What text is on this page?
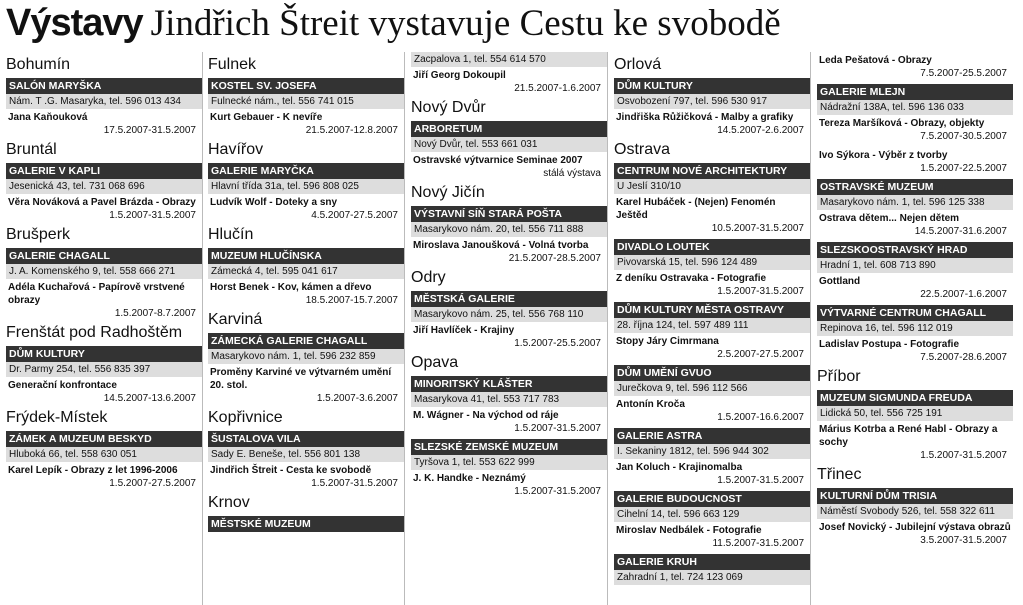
Výstavy Jindřich Štreit vystavuje Cestu ke svobodě
Bohumín
SALÓN MARYŠKA
Nám. T .G. Masaryka, tel. 596 013 434
Jana Kaňouková
17.5.2007-31.5.2007
Bruntál
GALERIE V KAPLI
Jesenická 43, tel. 731 068 696
Věra Nováková a Pavel Brázda - Obrazy
1.5.2007-31.5.2007
Brušperk
GALERIE CHAGALL
J. A. Komenského 9, tel. 558 666 271
Adéla Kuchařová - Papírově vrstvené obrazy
1.5.2007-8.7.2007
Frenštát pod Radhoštěm
DŮM KULTURY
Dr. Parmy 254, tel. 556 835 397
Generační konfrontace
14.5.2007-13.6.2007
Frýdek-Místek
ZÁMEK A MUZEUM BESKYD
Hluboká 66, tel. 558 630 051
Karel Lepík - Obrazy z let 1996-2006
1.5.2007-27.5.2007
Fulnek
KOSTEL SV. JOSEFA
Fulnecké nám., tel. 556 741 015
Kurt Gebauer - K nevíře
21.5.2007-12.8.2007
Havířov
GALERIE MARYČKA
Hlavní třída 31a, tel. 596 808 025
Ludvík Wolf - Doteky a sny
4.5.2007-27.5.2007
Hlučín
MUZEUM HLUČÍNSKA
Zámecká 4, tel. 595 041 617
Horst Benek - Kov, kámen a dřevo
18.5.2007-15.7.2007
Karviná
ZÁMECKÁ GALERIE CHAGALL
Masarykovo nám. 1, tel. 596 232 859
Proměny Karviné ve výtvarném umění 20. stol.
1.5.2007-3.6.2007
Kopřivnice
ŠUSTALOVA VILA
Sady E. Beneše, tel. 556 801 138
Jindřich Štreit - Cesta ke svobodě
1.5.2007-31.5.2007
Krnov
MĚSTSKÉ MUZEUM
Zacpalova 1, tel. 554 614 570
Jiří Georg Dokoupil
21.5.2007-1.6.2007
Nový Dvůr
ARBORETUM
Nový Dvůr, tel. 553 661 031
Ostravské výtvarnice Seminae 2007
stálá výstava
Nový Jičín
VÝSTAVNÍ SÍŇ STARÁ POŠTA
Masarykovo nám. 20, tel. 556 711 888
Miroslava Janoušková - Volná tvorba
21.5.2007-28.5.2007
Odry
MĚSTSKÁ GALERIE
Masarykovo nám. 25, tel. 556 768 110
Jiří Havlíček - Krajiny
1.5.2007-25.5.2007
Opava
MINORITSKÝ KLÁŠTER
Masarykova 41, tel. 553 717 783
M. Wágner - Na východ od ráje
1.5.2007-31.5.2007
SLEZSKÉ ZEMSKÉ MUZEUM
Tyršova 1, tel. 553 622 999
J. K. Handke - Neznámý
1.5.2007-31.5.2007
Orlová
DŮM KULTURY
Osvobození 797, tel. 596 530 917
Jindřiška Růžičková - Malby a grafiky
14.5.2007-2.6.2007
Ostrava
CENTRUM NOVÉ ARCHITEKTURY
U Jeslí 310/10
Karel Hubáček - (Nejen) Fenomén Ještěd
10.5.2007-31.5.2007
DIVADLO LOUTEK
Pivovarská 15, tel. 596 124 489
Z deníku Ostravaka - Fotografie
1.5.2007-31.5.2007
DŮM KULTURY MĚSTA OSTRAVY
28. října 124, tel. 597 489 111
Stopy Járy Cimrmana
2.5.2007-27.5.2007
DŮM UMĚNÍ GVUO
Jurečkova 9, tel. 596 112 566
Antonín Kroča
1.5.2007-16.6.2007
GALERIE ASTRA
I. Sekaniny 1812, tel. 596 944 302
Jan Koluch - Krajinomalba
1.5.2007-31.5.2007
GALERIE BUDOUCNOST
Cihelní 14, tel. 596 663 129
Miroslav Nedbálek - Fotografie
11.5.2007-31.5.2007
GALERIE KRUH
Zahradní 1, tel. 724 123 069
Leda Pešatová - Obrazy
7.5.2007-25.5.2007
GALERIE MLEJN
Nádražní 138A, tel. 596 136 033
Tereza Maršíková - Obrazy, objekty
7.5.2007-30.5.2007
Ivo Sýkora - Výběr z tvorby
1.5.2007-22.5.2007
OSTRAVSKÉ MUZEUM
Masarykovo nám. 1, tel. 596 125 338
Ostrava dětem... Nejen dětem
14.5.2007-31.6.2007
SLEZSKOOSTRAVSKÝ HRAD
Hradní 1, tel. 608 713 890
Gottland
22.5.2007-1.6.2007
VÝTVARNÉ CENTRUM CHAGALL
Repinova 16, tel. 596 112 019
Ladislav Postupa - Fotografie
7.5.2007-28.6.2007
Příbor
MUZEUM SIGMUNDA FREUDA
Lidická 50, tel. 556 725 191
Márius Kotrba a René Habl - Obrazy a sochy
1.5.2007-31.5.2007
Třinec
KULTURNÍ DŮM TRISIA
Náměstí Svobody 526, tel. 558 322 611
Josef Novický - Jubilejní výstava obrazů
3.5.2007-31.5.2007
